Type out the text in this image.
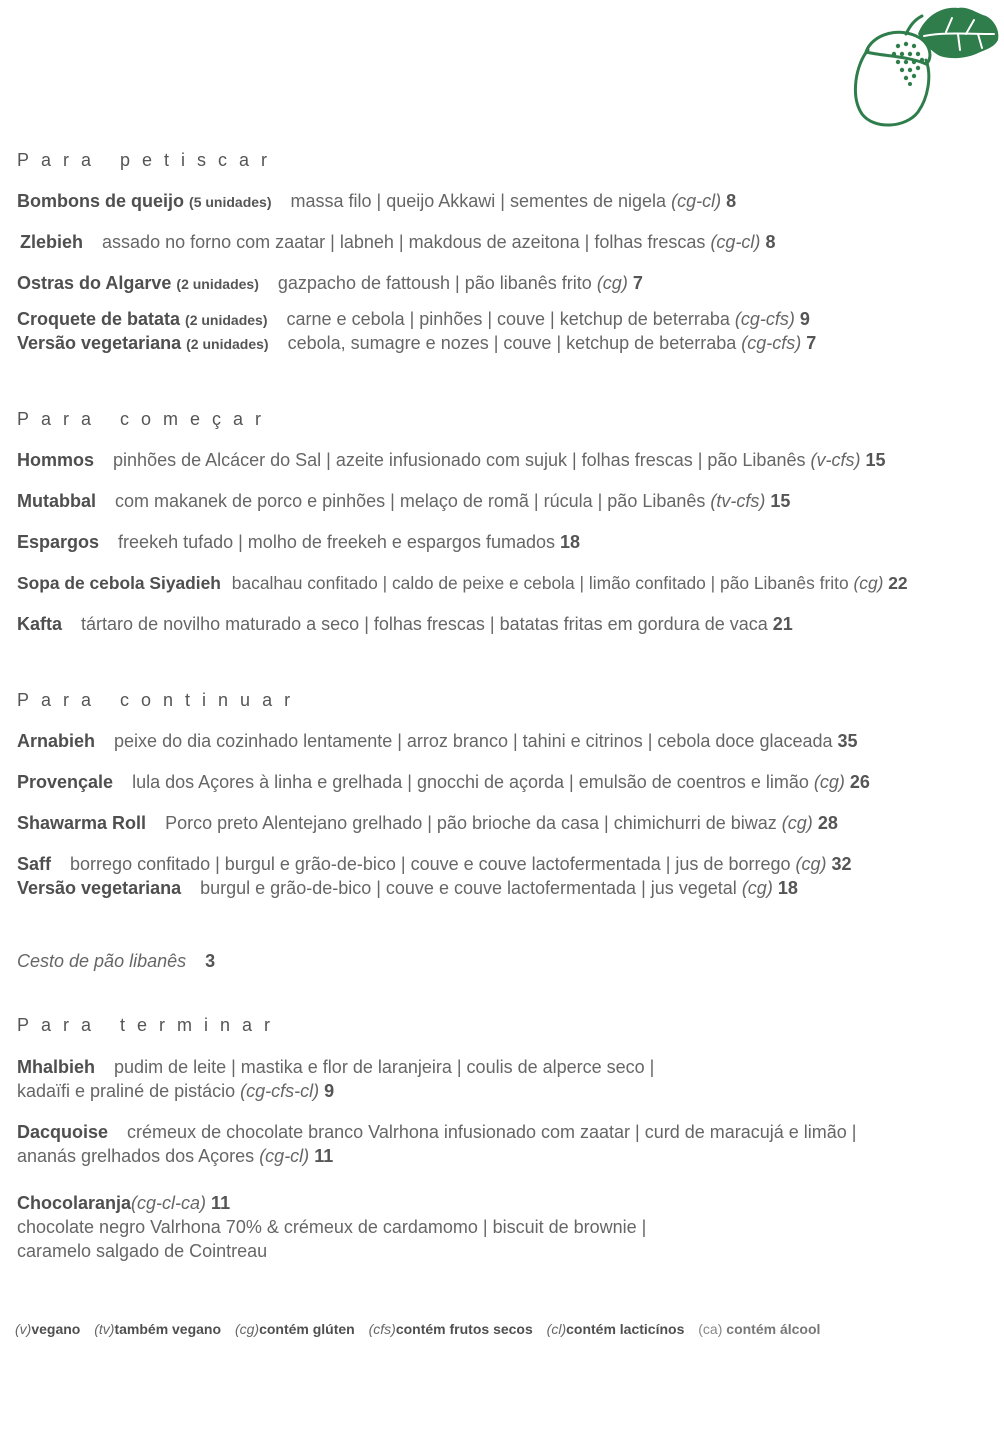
Para petiscar
Bombons de queijo (5 unidades) massa filo | queijo Akkawi | sementes de nigela (cg-cl) 8
Zlebieh assado no forno com zaatar | labneh | makdous de azeitona | folhas frescas (cg-cl) 8
Ostras do Algarve (2 unidades) gazpacho de fattoush | pão libanês frito (cg) 7
Croquete de batata (2 unidades) carne e cebola | pinhões | couve | ketchup de beterraba (cg-cfs) 9
Versão vegetariana (2 unidades) cebola, sumagre e nozes | couve | ketchup de beterraba (cg-cfs) 7
Para começar
Hommos pinhões de Alcácer do Sal | azeite infusionado com sujuk | folhas frescas | pão Libanês (v-cfs) 15
Mutabbal com makanek de porco e pinhões | melaço de romã | rúcula | pão Libanês (tv-cfs) 15
Espargos freekeh tufado | molho de freekeh e espargos fumados 18
Sopa de cebola Siyadieh bacalhau confitado | caldo de peixe e cebola | limão confitado | pão Libanês frito (cg) 22
Kafta tártaro de novilho maturado a seco | folhas frescas | batatas fritas em gordura de vaca 21
Para continuar
Arnabieh peixe do dia cozinhado lentamente | arroz branco | tahini e citrinos | cebola doce glaceada 35
Provençale lula dos Açores à linha e grelhada | gnocchi de açorda | emulsão de coentros e limão (cg) 26
Shawarma Roll Porco preto Alentejano grelhado | pão brioche da casa | chimichurri de biwaz (cg) 28
Saff borrego confitado | burgul e grão-de-bico | couve e couve lactofermentada | jus de borrego (cg) 32
Versão vegetariana burgul e grão-de-bico | couve e couve lactofermentada | jus vegetal (cg) 18
Cesto de pão libanês 3
Para terminar
Mhalbieh pudim de leite | mastika e flor de laranjeira | coulis de alperce seco |
kadaïfi e praliné de pistácio (cg-cfs-cl) 9
Dacquoise crémeux de chocolate branco Valrhona infusionado com zaatar | curd de maracujá e limão |
ananás grelhados dos Açores (cg-cl) 11
Chocolaranja(cg-cl-ca) 11
chocolate negro Valrhona 70% & crémeux de cardamomo | biscuit de brownie |
caramelo salgado de Cointreau
(v)vegano (tv)também vegano (cg)contém glúten (cfs)contém frutos secos (cl)contém lacticínos (ca) contém álcool
